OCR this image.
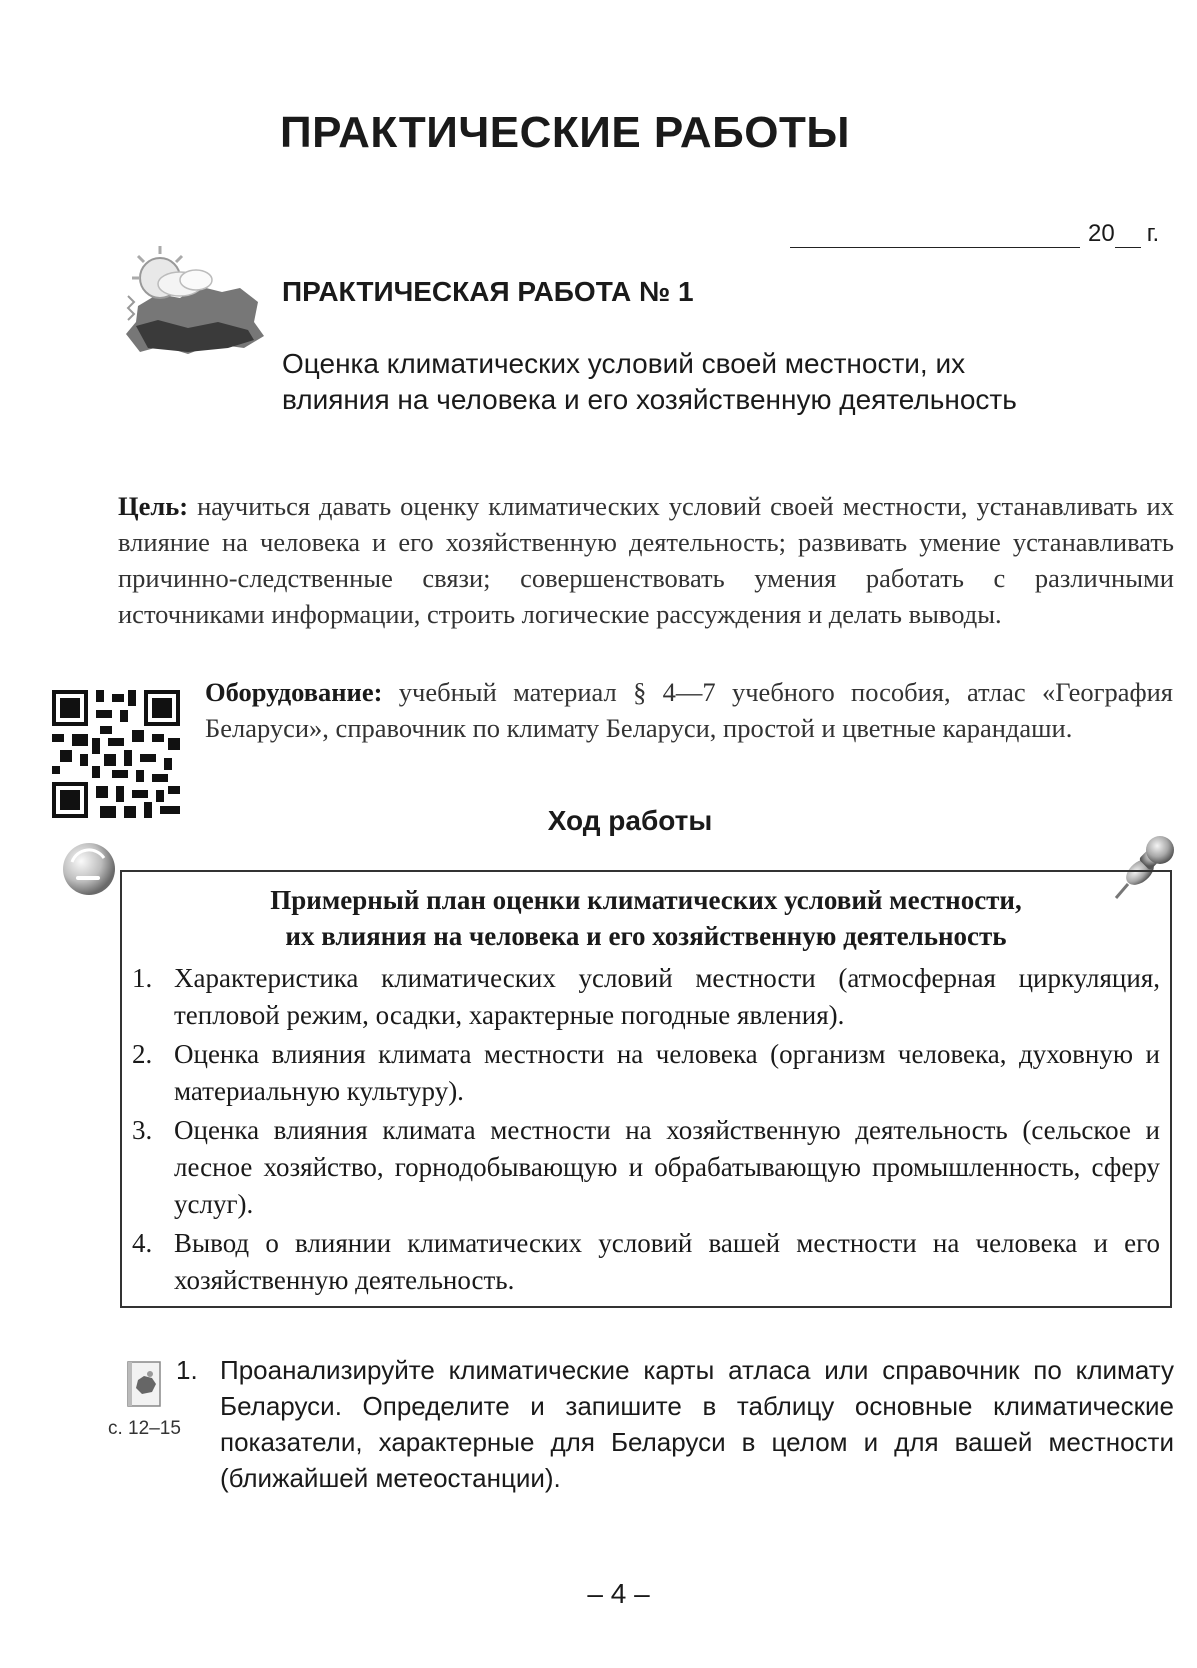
ПРАКТИЧЕСКИЕ РАБОТЫ
20 г.
ПРАКТИЧЕСКАЯ РАБОТА № 1
Оценка климатических условий своей местности, их влияния на человека и его хозяйственную деятельность
Цель: научиться давать оценку климатических условий своей местности, устанавливать их влияние на человека и его хозяйственную деятельность; развивать умение устанавливать причинно-следственные связи; совершенствовать умения работать с различными источниками информации, строить логические рассуждения и делать выводы.
Оборудование: учебный материал § 4—7 учебного пособия, атлас «География Беларуси», справочник по климату Беларуси, простой и цветные карандаши.
Ход работы
Примерный план оценки климатических условий местности,
их влияния на человека и его хозяйственную деятельность
1. Характеристика климатических условий местности (атмосферная циркуляция, тепловой режим, осадки, характерные погодные явления).
2. Оценка влияния климата местности на человека (организм человека, духовную и материальную культуру).
3. Оценка влияния климата местности на хозяйственную деятельность (сельское и лесное хозяйство, горнодобывающую и обрабатывающую промышленность, сферу услуг).
4. Вывод о влиянии климатических условий вашей местности на человека и его хозяйственную деятельность.
с. 12–15
1. Проанализируйте климатические карты атласа или справочник по климату Беларуси. Определите и запишите в таблицу основные климатические показатели, характерные для Беларуси в целом и для вашей местности (ближайшей метеостанции).
– 4 –
